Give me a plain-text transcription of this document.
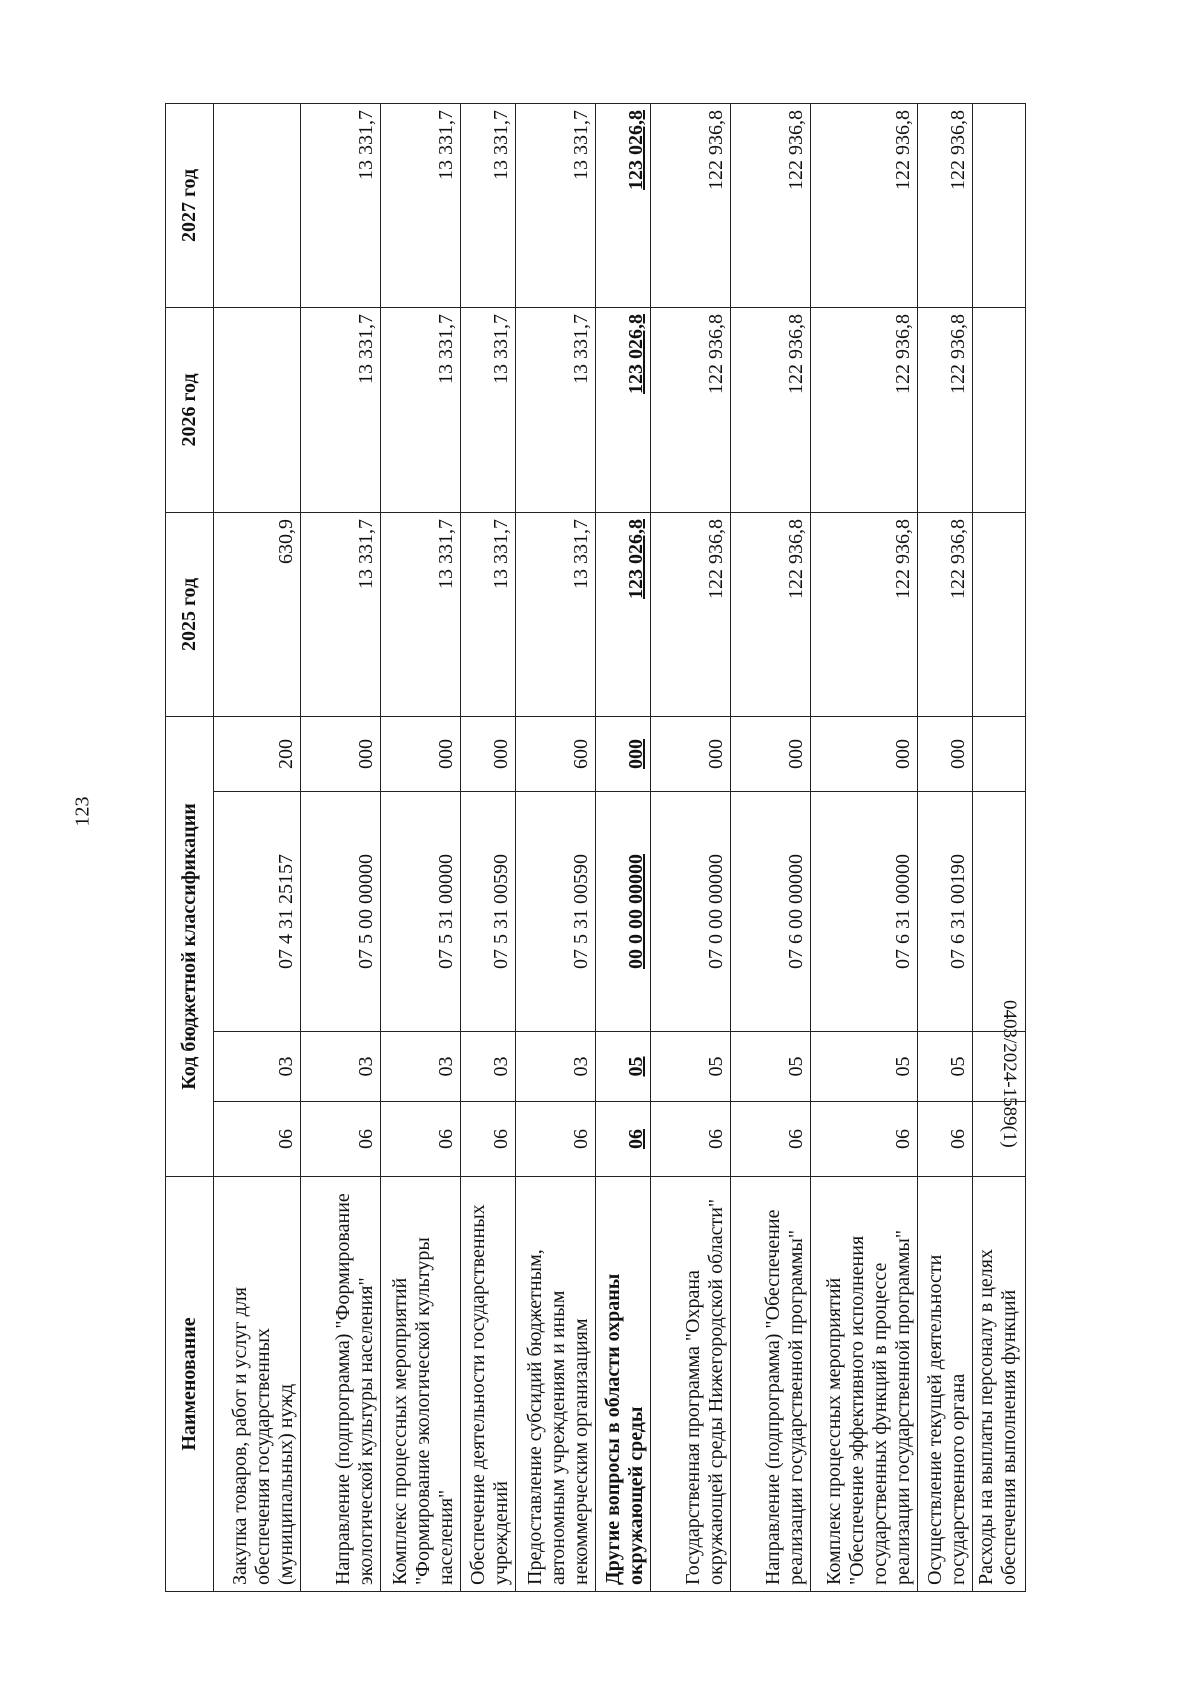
123
0403/2024-1589(1)
Наименование	Код бюджетной классификации				2025 год	2026 год	2027 год
Закупка товаров, работ и услуг для обеспечения государственных (муниципальных) нужд	06	03	07 4 31 25157	200	630,9		
Направление (подпрограмма) "Формирование экологической культуры населения"	06	03	07 5 00 00000	000	13 331,7	13 331,7	13 331,7
Комплекс процессных мероприятий "Формирование экологической культуры населения"	06	03	07 5 31 00000	000	13 331,7	13 331,7	13 331,7
Обеспечение деятельности государственных учреждений	06	03	07 5 31 00590	000	13 331,7	13 331,7	13 331,7
Предоставление субсидий бюджетным, автономным учреждениям и иным некоммерческим организациям	06	03	07 5 31 00590	600	13 331,7	13 331,7	13 331,7
Другие вопросы в области охраны окружающей среды	06	05	00 0 00 00000	000	123 026,8	123 026,8	123 026,8
Государственная программа "Охрана окружающей среды Нижегородской области"	06	05	07 0 00 00000	000	122 936,8	122 936,8	122 936,8
Направление (подпрограмма) "Обеспечение реализации государственной программы"	06	05	07 6 00 00000	000	122 936,8	122 936,8	122 936,8
Комплекс процессных мероприятий "Обеспечение эффективного исполнения государственных функций в процессе реализации государственной программы"	06	05	07 6 31 00000	000	122 936,8	122 936,8	122 936,8
Осуществление текущей деятельности государственного органа	06	05	07 6 31 00190	000	122 936,8	122 936,8	122 936,8
Расходы на выплаты персоналу в целях обеспечения выполнения функций							
